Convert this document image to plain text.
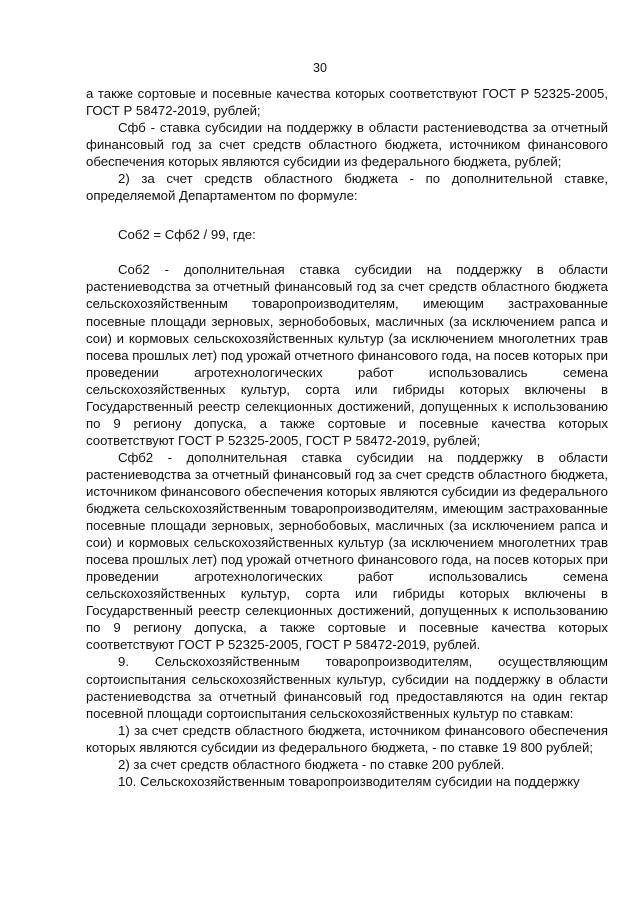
30

а также сортовые и посевные качества которых соответствуют ГОСТ Р 52325-2005, ГОСТ Р 58472-2019, рублей;

Сфб - ставка субсидии на поддержку в области растениеводства за отчетный финансовый год за счет средств областного бюджета, источником финансового обеспечения которых являются субсидии из федерального бюджета, рублей;

2) за счет средств областного бюджета - по дополнительной ставке, определяемой Департаментом по формуле:

Соб2 = Сфб2 / 99, где:

Соб2 - дополнительная ставка субсидии на поддержку в области растениеводства за отчетный финансовый год за счет средств областного бюджета сельскохозяйственным товаропроизводителям, имеющим застрахованные посевные площади зерновых, зернобобовых, масличных (за исключением рапса и сои) и кормовых сельскохозяйственных культур (за исключением многолетних трав посева прошлых лет) под урожай отчетного финансового года, на посев которых при проведении агротехнологических работ использовались семена сельскохозяйственных культур, сорта или гибриды которых включены в Государственный реестр селекционных достижений, допущенных к использованию по 9 региону допуска, а также сортовые и посевные качества которых соответствуют ГОСТ Р 52325-2005, ГОСТ Р 58472-2019, рублей;

Сфб2 - дополнительная ставка субсидии на поддержку в области растениеводства за отчетный финансовый год за счет средств областного бюджета, источником финансового обеспечения которых являются субсидии из федерального бюджета сельскохозяйственным товаропроизводителям, имеющим застрахованные посевные площади зерновых, зернобобовых, масличных (за исключением рапса и сои) и кормовых сельскохозяйственных культур (за исключением многолетних трав посева прошлых лет) под урожай отчетного финансового года, на посев которых при проведении агротехнологических работ использовались семена сельскохозяйственных культур, сорта или гибриды которых включены в Государственный реестр селекционных достижений, допущенных к использованию по 9 региону допуска, а также сортовые и посевные качества которых соответствуют ГОСТ Р 52325-2005, ГОСТ Р 58472-2019, рублей.

9. Сельскохозяйственным товаропроизводителям, осуществляющим сортоиспытания сельскохозяйственных культур, субсидии на поддержку в области растениеводства за отчетный финансовый год предоставляются на один гектар посевной площади сортоиспытания сельскохозяйственных культур по ставкам:

1) за счет средств областного бюджета, источником финансового обеспечения которых являются субсидии из федерального бюджета, - по ставке 19 800 рублей;

2) за счет средств областного бюджета - по ставке 200 рублей.

10. Сельскохозяйственным товаропроизводителям субсидии на поддержку
